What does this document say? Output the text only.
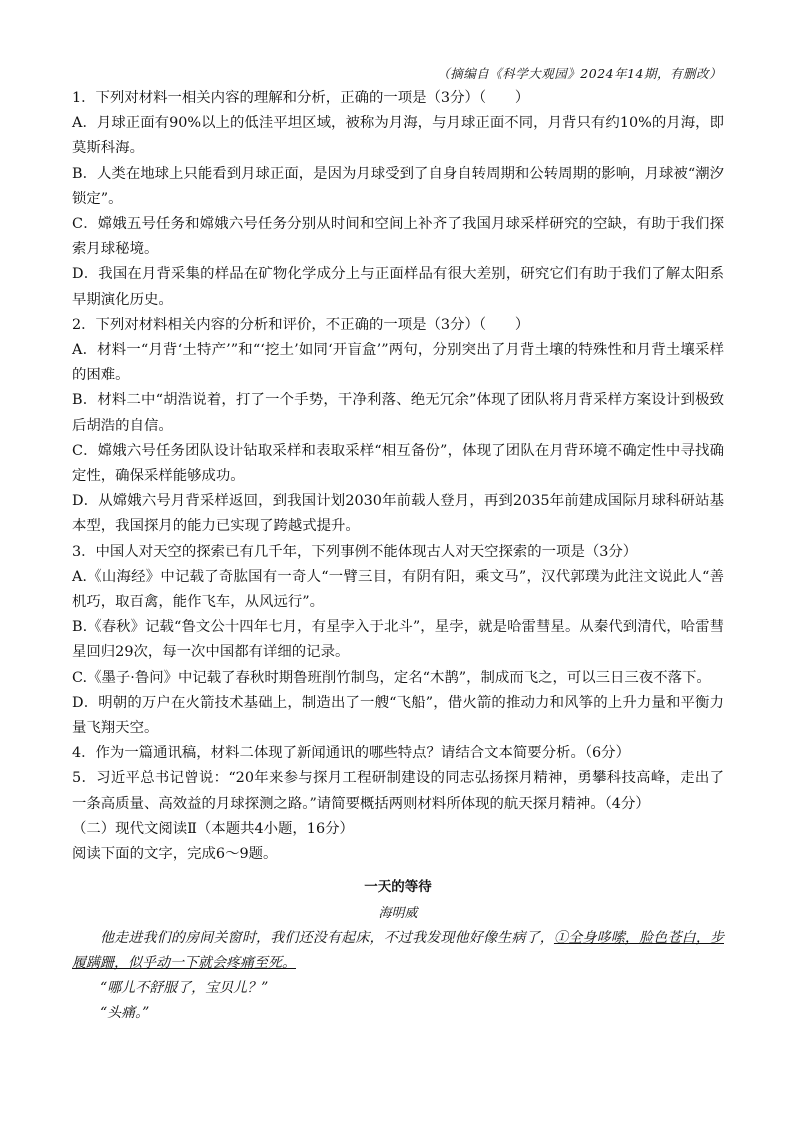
（摘编自《科学大观园》2024年14期，有删改）

1．下列对材料一相关内容的理解和分析，正确的一项是（3分）（　　）

A．月球正面有90%以上的低洼平坦区域，被称为月海，与月球正面不同，月背只有约10%的月海，即莫斯科海。

B．人类在地球上只能看到月球正面，是因为月球受到了自身自转周期和公转周期的影响，月球被“潮汐锁定”。

C．嫦娥五号任务和嫦娥六号任务分别从时间和空间上补齐了我国月球采样研究的空缺，有助于我们探索月球秘境。

D．我国在月背采集的样品在矿物化学成分上与正面样品有很大差别，研究它们有助于我们了解太阳系早期演化历史。

2．下列对材料相关内容的分析和评价，不正确的一项是（3分）（　　）

A．材料一“月背‘土特产’”和“‘挖土’如同‘开盲盒’”两句，分别突出了月背土壤的特殊性和月背土壤采样的困难。

B．材料二中“胡浩说着，打了一个手势，干净利落、绝无冗余”体现了团队将月背采样方案设计到极致后胡浩的自信。

C．嫦娥六号任务团队设计钻取采样和表取采样“相互备份”，体现了团队在月背环境不确定性中寻找确定性，确保采样能够成功。

D．从嫦娥六号月背采样返回，到我国计划2030年前载人登月，再到2035年前建成国际月球科研站基本型，我国探月的能力已实现了跨越式提升。

3．中国人对天空的探索已有几千年，下列事例不能体现古人对天空探索的一项是（3分）

A.《山海经》中记载了奇肱国有一奇人“一臂三目，有阴有阳，乘文马”，汉代郭璞为此注文说此人“善机巧，取百禽，能作飞车，从风远行”。

B.《春秋》记载“鲁文公十四年七月，有星孛入于北斗”，星孛，就是哈雷彗星。从秦代到清代，哈雷彗星回归29次，每一次中国都有详细的记录。

C.《墨子·鲁问》中记载了春秋时期鲁班削竹制鸟，定名“木鹊”，制成而飞之，可以三日三夜不落下。

D．明朝的万户在火箭技术基础上，制造出了一艘“飞船”，借火箭的推动力和风筝的上升力量和平衡力量飞翔天空。

4．作为一篇通讯稿，材料二体现了新闻通讯的哪些特点？请结合文本简要分析。（6分）

5．习近平总书记曾说：“20年来参与探月工程研制建设的同志弘扬探月精神，勇攀科技高峰，走出了一条高质量、高效益的月球探测之路。”请简要概括两则材料所体现的航天探月精神。（4分）

（二）现代文阅读Ⅱ（本题共4小题，16分）

阅读下面的文字，完成6～9题。

一天的等待

海明威

他走进我们的房间关窗时，我们还没有起床，不过我发现他好像生病了，①全身哆嗦，脸色苍白，步履蹒跚，似乎动一下就会疼痛至死。

“哪儿不舒服了，宝贝儿？”

“头痛。”
